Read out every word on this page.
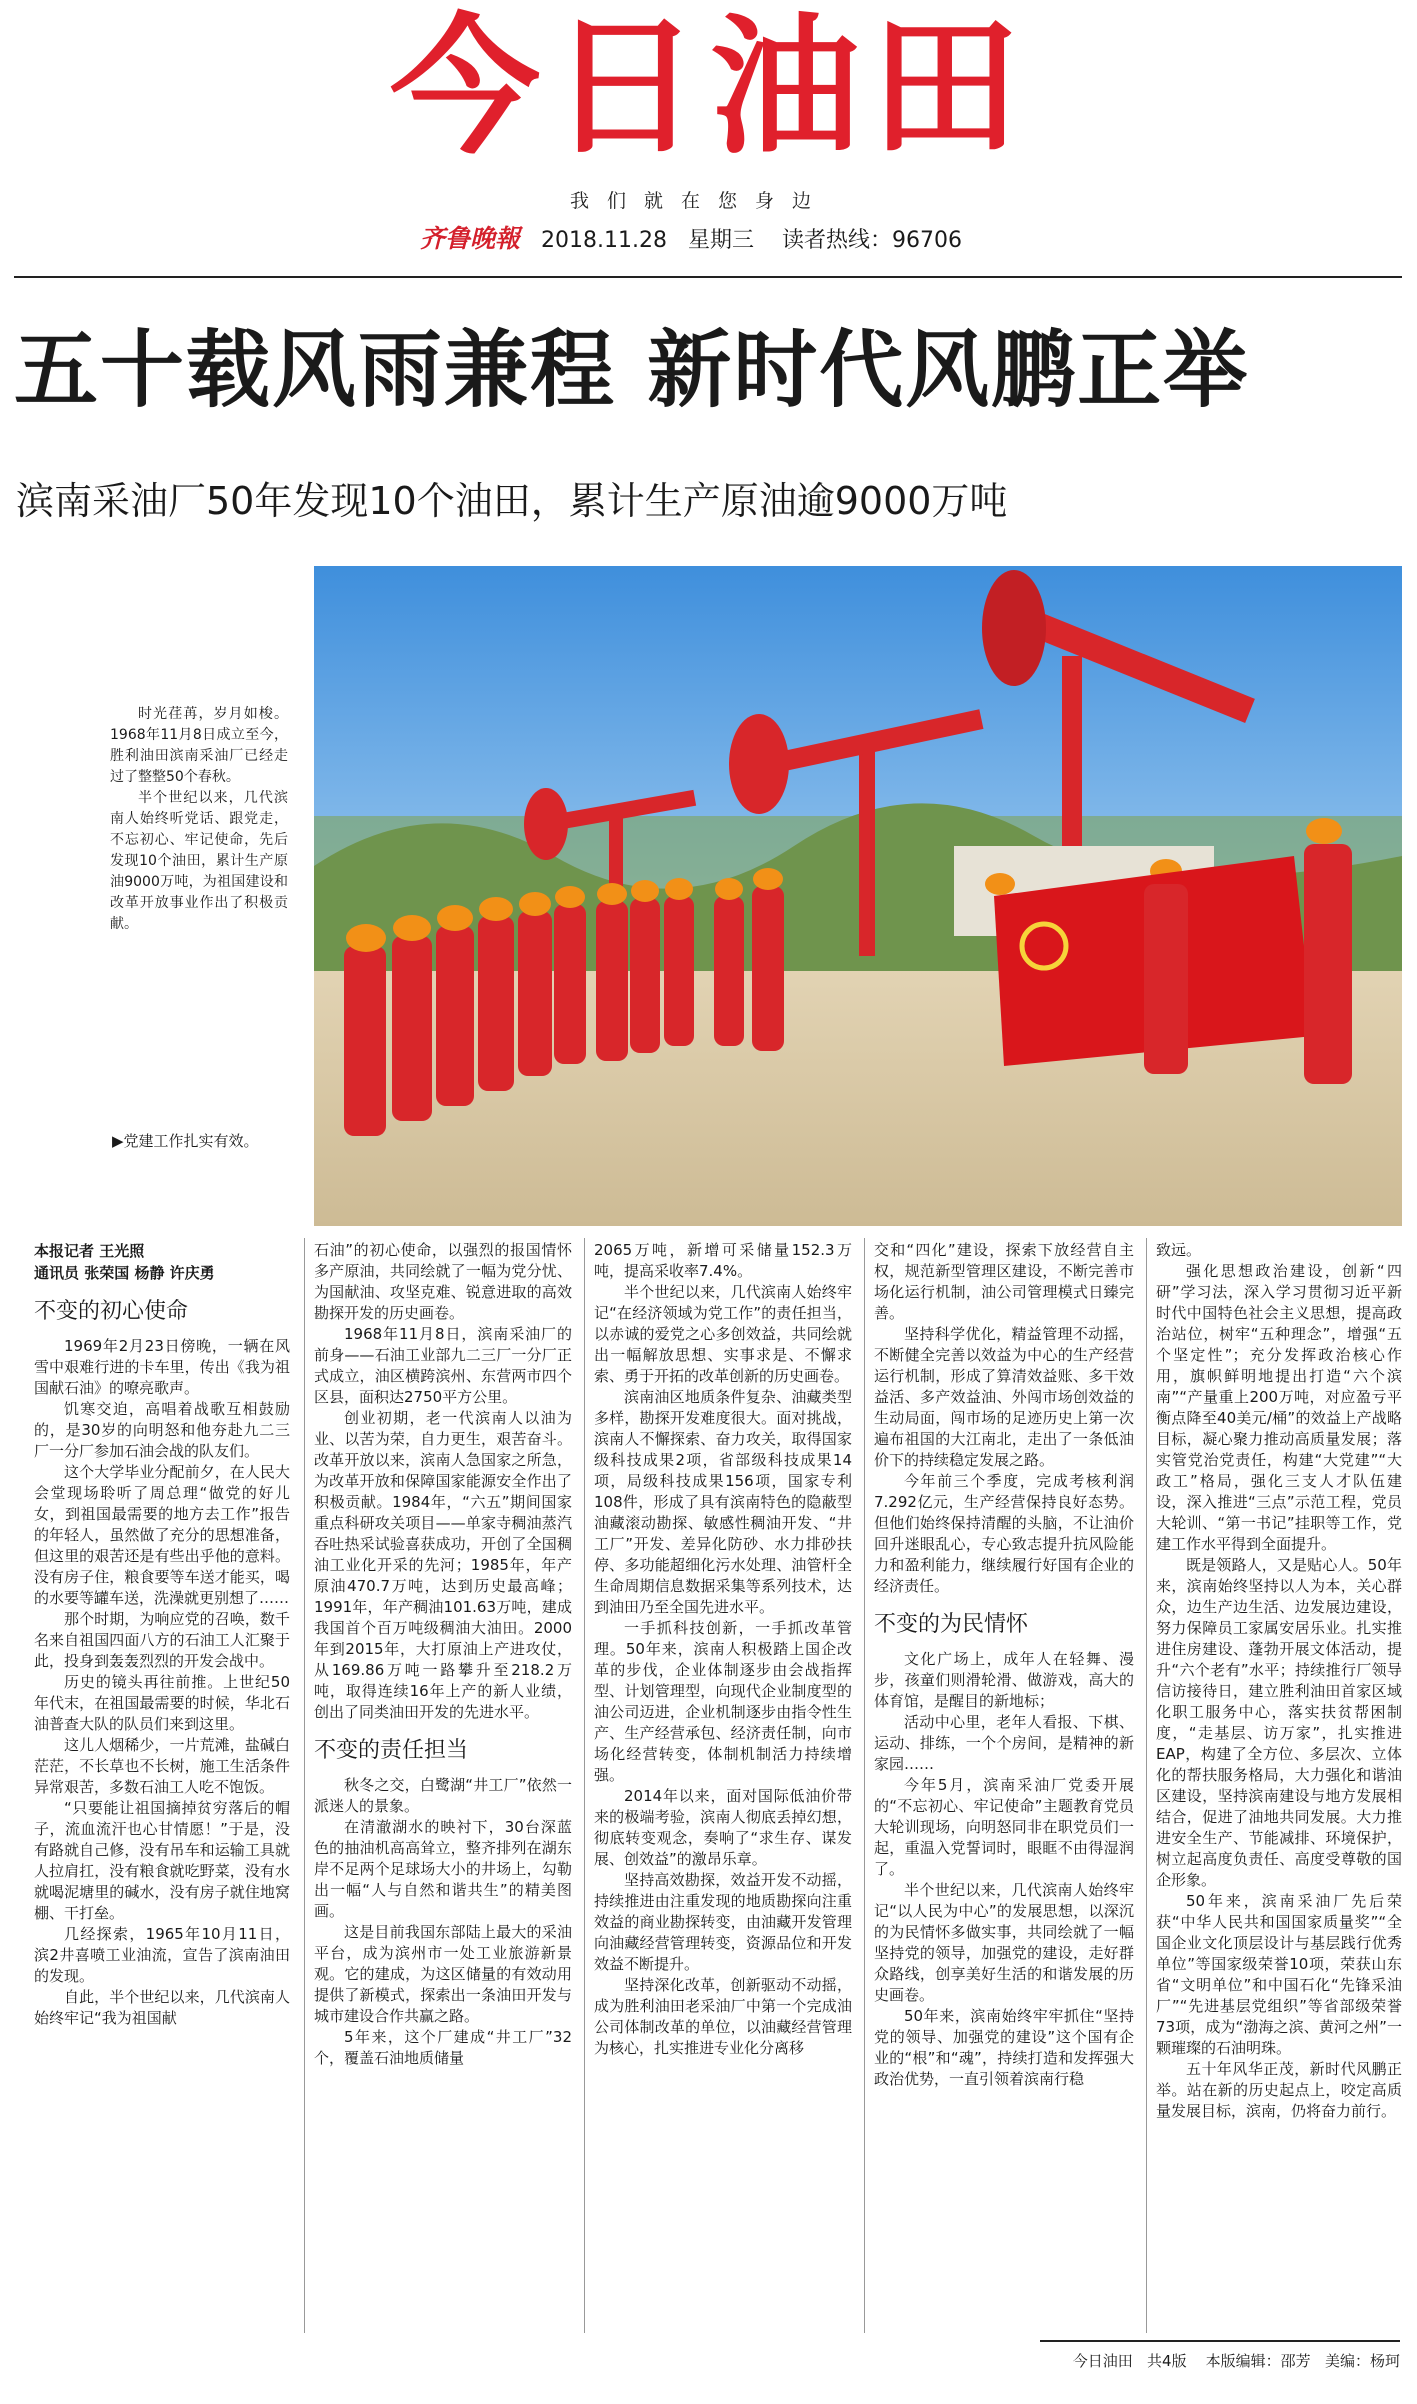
今日油田
我们就在您身边
齐鲁晚報 2018.11.28 星期三 读者热线：96706
五十载风雨兼程 新时代风鹏正举
滨南采油厂50年发现10个油田，累计生产原油逾9000万吨

时光荏苒，岁月如梭。1968年11月8日成立至今，胜利油田滨南采油厂已经走过了整整50个春秋。

半个世纪以来，几代滨南人始终听党话、跟党走，不忘初心、牢记使命，先后发现10个油田，累计生产原油9000万吨，为祖国建设和改革开放事业作出了积极贡献。

▶党建工作扎实有效。
本报记者 王光照
通讯员 张荣国 杨静 许庆勇
不变的初心使命

1969年2月23日傍晚，一辆在风雪中艰难行进的卡车里，传出《我为祖国献石油》的嘹亮歌声。

饥寒交迫，高唱着战歌互相鼓励的，是30岁的向明怒和他夯赴九二三厂一分厂参加石油会战的队友们。

这个大学毕业分配前夕，在人民大会堂现场聆听了周总理“做党的好儿女，到祖国最需要的地方去工作”报告的年轻人，虽然做了充分的思想准备，但这里的艰苦还是有些出乎他的意料。没有房子住，粮食要等车送才能买，喝的水要等罐车送，洗澡就更别想了……

那个时期，为响应党的召唤，数千名来自祖国四面八方的石油工人汇聚于此，投身到轰轰烈烈的开发会战中。

历史的镜头再往前推。上世纪50年代末，在祖国最需要的时候，华北石油普查大队的队员们来到这里。

这儿人烟稀少，一片荒滩，盐碱白茫茫，不长草也不长树，施工生活条件异常艰苦，多数石油工人吃不饱饭。

“只要能让祖国摘掉贫穷落后的帽子，流血流汗也心甘情愿！”于是，没有路就自己修，没有吊车和运输工具就人拉肩扛，没有粮食就吃野菜，没有水就喝泥塘里的碱水，没有房子就住地窝棚、干打垒。

几经探索，1965年10月11日，滨2井喜喷工业油流，宣告了滨南油田的发现。

自此，半个世纪以来，几代滨南人始终牢记“我为祖国献

石油”的初心使命，以强烈的报国情怀多产原油，共同绘就了一幅为党分忧、为国献油、攻坚克难、锐意进取的高效勘探开发的历史画卷。

1968年11月8日，滨南采油厂的前身——石油工业部九二三厂一分厂正式成立，油区横跨滨州、东营两市四个区县，面积达2750平方公里。

创业初期，老一代滨南人以油为业、以苦为荣，自力更生，艰苦奋斗。改革开放以来，滨南人急国家之所急，为改革开放和保障国家能源安全作出了积极贡献。1984年，“六五”期间国家重点科研攻关项目——单家寺稠油蒸汽吞吐热采试验喜获成功，开创了全国稠油工业化开采的先河；1985年，年产原油470.7万吨，达到历史最高峰；1991年，年产稠油101.63万吨，建成我国首个百万吨级稠油大油田。2000年到2015年，大打原油上产进攻仗，从169.86万吨一路攀升至218.2万吨，取得连续16年上产的新人业绩，创出了同类油田开发的先进水平。

不变的责任担当

秋冬之交，白鹭湖“井工厂”依然一派迷人的景象。

在清澈湖水的映衬下，30台深蓝色的抽油机高高耸立，整齐排列在湖东岸不足两个足球场大小的井场上，勾勒出一幅“人与自然和谐共生”的精美图画。

这是目前我国东部陆上最大的采油平台，成为滨州市一处工业旅游新景观。它的建成，为这区储量的有效动用提供了新模式，探索出一条油田开发与城市建设合作共赢之路。

5年来，这个厂建成“井工厂”32个，覆盖石油地质储量

2065万吨，新增可采储量152.3万吨，提高采收率7.4%。

半个世纪以来，几代滨南人始终牢记“在经济领域为党工作”的责任担当，以赤诚的爱党之心多创效益，共同绘就出一幅解放思想、实事求是、不懈求索、勇于开拓的改革创新的历史画卷。

滨南油区地质条件复杂、油藏类型多样，勘探开发难度很大。面对挑战，滨南人不懈探索、奋力攻关，取得国家级科技成果2项，省部级科技成果14项，局级科技成果156项，国家专利108件，形成了具有滨南特色的隐蔽型油藏滚动勘探、敏感性稠油开发、“井工厂”开发、差异化防砂、水力排砂扶停、多功能超细化污水处理、油管杆全生命周期信息数据采集等系列技术，达到油田乃至全国先进水平。

一手抓科技创新，一手抓改革管理。50年来，滨南人积极踏上国企改革的步伐，企业体制逐步由会战指挥型、计划管理型，向现代企业制度型的油公司迈进，企业机制逐步由指令性生产、生产经营承包、经济责任制，向市场化经营转变，体制机制活力持续增强。

2014年以来，面对国际低油价带来的极端考验，滨南人彻底丢掉幻想，彻底转变观念，奏响了“求生存、谋发展、创效益”的激昂乐章。

坚持高效勘探，效益开发不动摇，持续推进由注重发现的地质勘探向注重效益的商业勘探转变，由油藏开发管理向油藏经营管理转变，资源品位和开发效益不断提升。

坚持深化改革，创新驱动不动摇，成为胜利油田老采油厂中第一个完成油公司体制改革的单位，以油藏经营管理为核心，扎实推进专业化分离移

交和“四化”建设，探索下放经营自主权，规范新型管理区建设，不断完善市场化运行机制，油公司管理模式日臻完善。

坚持科学优化，精益管理不动摇，不断健全完善以效益为中心的生产经营运行机制，形成了算清效益账、多干效益活、多产效益油、外闯市场创效益的生动局面，闯市场的足迹历史上第一次遍布祖国的大江南北，走出了一条低油价下的持续稳定发展之路。

今年前三个季度，完成考核利润7.292亿元，生产经营保持良好态势。但他们始终保持清醒的头脑，不让油价回升迷眼乱心，专心致志提升抗风险能力和盈利能力，继续履行好国有企业的经济责任。

不变的为民情怀

文化广场上，成年人在轻舞、漫步，孩童们则滑轮滑、做游戏，高大的体育馆，是醒目的新地标；

活动中心里，老年人看报、下棋、运动、排练，一个个房间，是精神的新家园……

今年5月，滨南采油厂党委开展的“不忘初心、牢记使命”主题教育党员大轮训现场，向明怒同非在职党员们一起，重温入党誓词时，眼眶不由得湿润了。

半个世纪以来，几代滨南人始终牢记“以人民为中心”的发展思想，以深沉的为民情怀多做实事，共同绘就了一幅坚持党的领导，加强党的建设，走好群众路线，创享美好生活的和谐发展的历史画卷。

50年来，滨南始终牢牢抓住“坚持党的领导、加强党的建设”这个国有企业的“根”和“魂”，持续打造和发挥强大政治优势，一直引领着滨南行稳

致远。

强化思想政治建设，创新“四研”学习法，深入学习贯彻习近平新时代中国特色社会主义思想，提高政治站位，树牢“五种理念”，增强“五个坚定性”；充分发挥政治核心作用，旗帜鲜明地提出打造“六个滨南”“产量重上200万吨，对应盈亏平衡点降至40美元/桶”的效益上产战略目标，凝心聚力推动高质量发展；落实管党治党责任，构建“大党建”“大政工”格局，强化三支人才队伍建设，深入推进“三点”示范工程，党员大轮训、“第一书记”挂职等工作，党建工作水平得到全面提升。

既是领路人，又是贴心人。50年来，滨南始终坚持以人为本，关心群众，边生产边生活、边发展边建设，努力保障员工家属安居乐业。扎实推进住房建设、蓬勃开展文体活动，提升“六个老有”水平；持续推行厂领导信访接待日，建立胜利油田首家区域化职工服务中心，落实扶贫帮困制度，“走基层、访万家”，扎实推进EAP，构建了全方位、多层次、立体化的帮扶服务格局，大力强化和谐油区建设，坚持滨南建设与地方发展相结合，促进了油地共同发展。大力推进安全生产、节能减排、环境保护，树立起高度负责任、高度受尊敬的国企形象。

50年来，滨南采油厂先后荣获“中华人民共和国国家质量奖”“全国企业文化顶层设计与基层践行优秀单位”等国家级荣誉10项，荣获山东省“文明单位”和中国石化“先锋采油厂”“先进基层党组织”等省部级荣誉73项，成为“渤海之滨、黄河之州”一颗璀璨的石油明珠。

五十年风华正茂，新时代风鹏正举。站在新的历史起点上，咬定高质量发展目标，滨南，仍将奋力前行。

今日油田 共4版 本版编辑：邵芳 美编：杨珂
